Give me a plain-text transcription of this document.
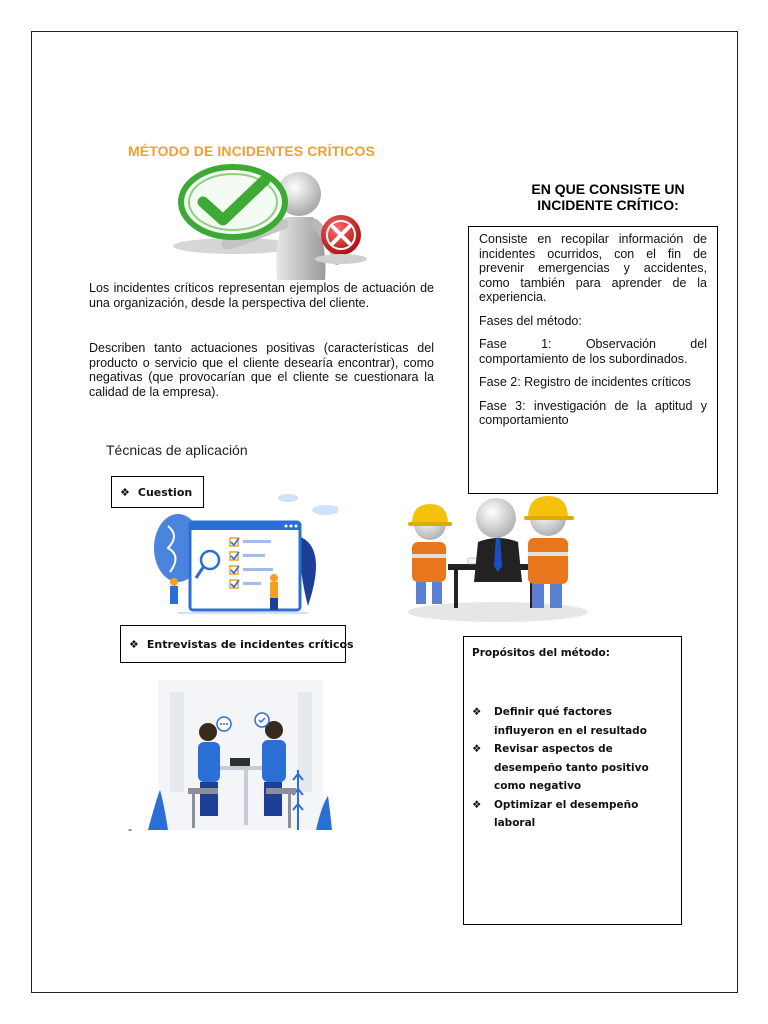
MÉTODO DE INCIDENTES CRÍTICOS
EN QUE CONSISTE UN INCIDENTE CRÍTICO:

Los incidentes críticos representan ejemplos de actuación de una organización, desde la perspectiva del cliente.

Describen tanto actuaciones positivas (características del producto o servicio que el cliente desearía encontrar), como negativas (que provocarían que el cliente se cuestionara la calidad de la empresa).

Técnicas de aplicación
❖ Cuestion
❖ Entrevistas de incidentes críticos
-

Consiste en recopilar información de incidentes ocurridos, con el fin de prevenir emergencias y accidentes, como también para aprender de la experiencia.

Fases del método:

Fase 1: Observación del comportamiento de los subordinados.

Fase 2: Registro de incidentes críticos

Fase 3: investigación de la aptitud y comportamiento

Propósitos del método:
❖	Definir qué factores influyeron en el resultado
❖	Revisar aspectos de desempeño tanto positivo como negativo
❖	Optimizar el desempeño laboral
